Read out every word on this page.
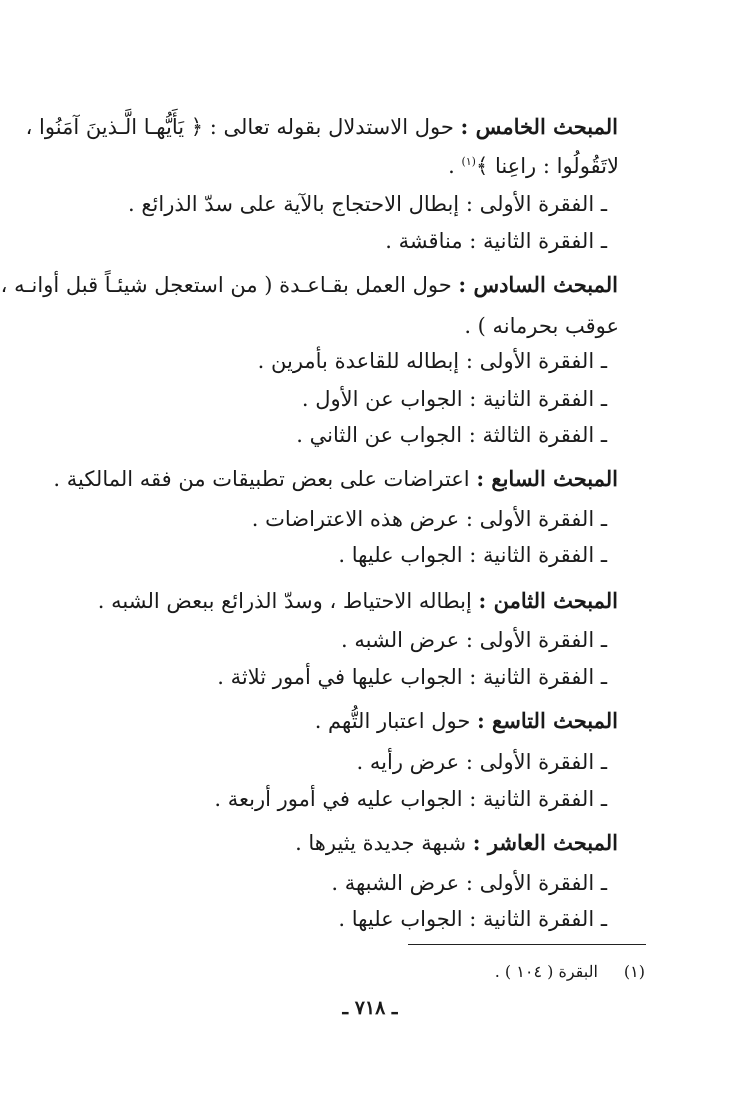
المبحث الخامس : حول الاستدلال بقوله تعالى : ﴿ يَأَيُّهـا الَّـذينَ آمَنُوا ،
لاتَقُولُوا : راعِنا ﴾$^{(١)}$ .
ـ الفقرة الأولى : إبطال الاحتجاج بالآية على سدّ الذرائع .
ـ الفقرة الثانية : مناقشة .
المبحث السادس : حول العمل بقـاعـدة ( من استعجل شيئـاً قبل أوانـه ،
عوقب بحرمانه ) .
ـ الفقرة الأولى : إبطاله للقاعدة بأمرين .
ـ الفقرة الثانية : الجواب عن الأول .
ـ الفقرة الثالثة : الجواب عن الثاني .
المبحث السابع : اعتراضات على بعض تطبيقات من فقه المالكية .
ـ الفقرة الأولى : عرض هذه الاعتراضات .
ـ الفقرة الثانية : الجواب عليها .
المبحث الثامن : إبطاله الاحتياط ، وسدّ الذرائع ببعض الشبه .
ـ الفقرة الأولى : عرض الشبه .
ـ الفقرة الثانية : الجواب عليها في أمور ثلاثة .
المبحث التاسع : حول اعتبار التُّهم .
ـ الفقرة الأولى : عرض رأيه .
ـ الفقرة الثانية : الجواب عليه في أمور أربعة .
المبحث العاشر : شبهة جديدة يثيرها .
ـ الفقرة الأولى : عرض الشبهة .
ـ الفقرة الثانية : الجواب عليها .
(١)البقرة ( ١٠٤ ) .
ـ ٧١٨ ـ
